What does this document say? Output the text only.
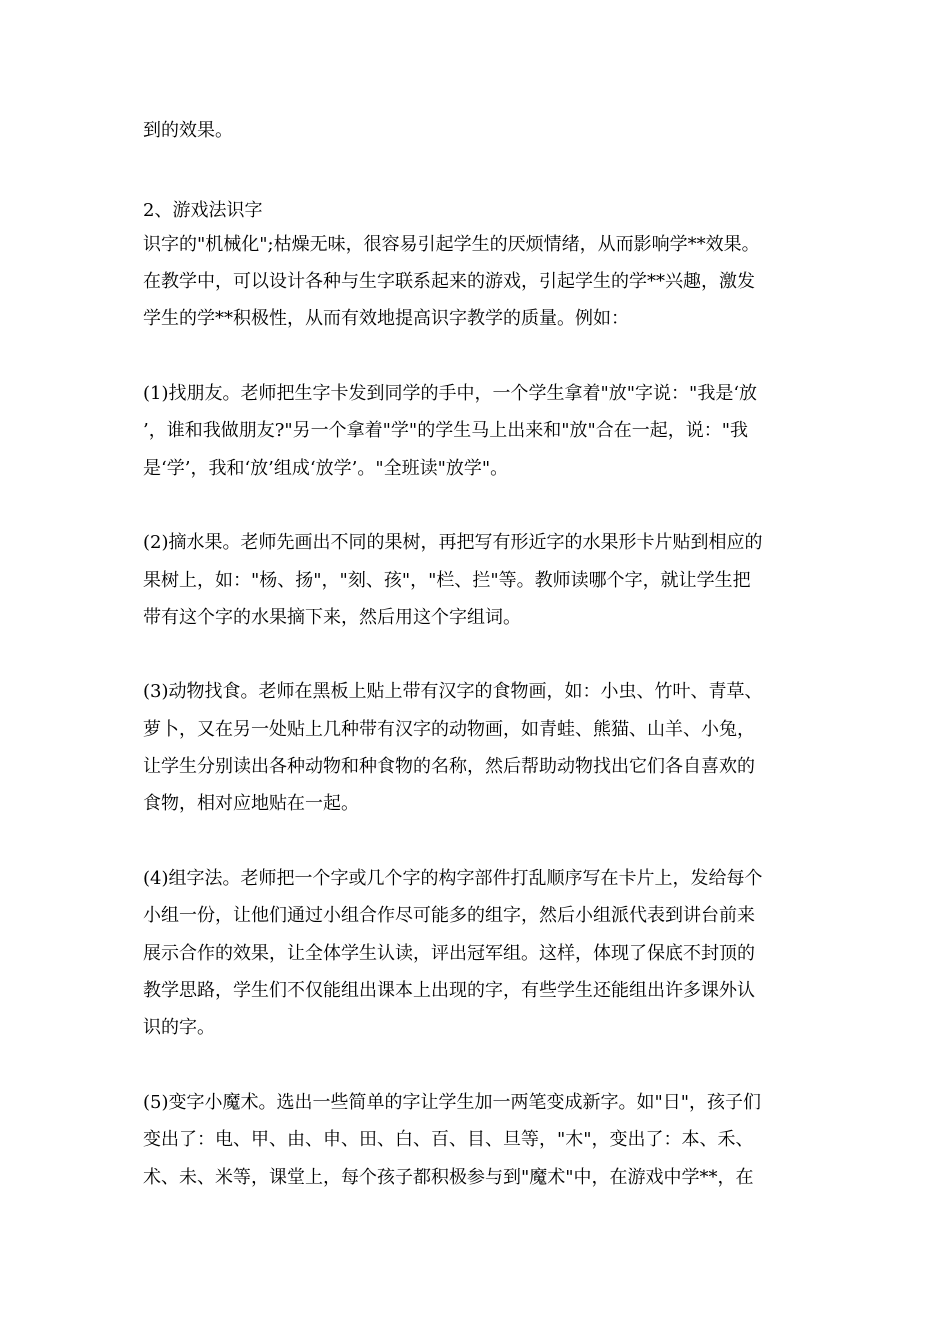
到的效果。

2、游戏法识字

识字的"机械化";枯燥无味，很容易引起学生的厌烦情绪，从而影响学**效果。

在教学中，可以设计各种与生字联系起来的游戏，引起学生的学**兴趣，激发

学生的学**积极性，从而有效地提高识字教学的质量。例如：

(1)找朋友。老师把生字卡发到同学的手中，一个学生拿着"放"字说："我是‘放

’，谁和我做朋友?"另一个拿着"学"的学生马上出来和"放"合在一起，说："我

是‘学’，我和‘放’组成‘放学’。"全班读"放学"。

(2)摘水果。老师先画出不同的果树，再把写有形近字的水果形卡片贴到相应的

果树上，如："杨、扬"，"刻、孩"，"栏、拦"等。教师读哪个字，就让学生把

带有这个字的水果摘下来，然后用这个字组词。

(3)动物找食。老师在黑板上贴上带有汉字的食物画，如：小虫、竹叶、青草、

萝卜，又在另一处贴上几种带有汉字的动物画，如青蛙、熊猫、山羊、小兔，

让学生分别读出各种动物和种食物的名称，然后帮助动物找出它们各自喜欢的

食物，相对应地贴在一起。

(4)组字法。老师把一个字或几个字的构字部件打乱顺序写在卡片上，发给每个

小组一份，让他们通过小组合作尽可能多的组字，然后小组派代表到讲台前来

展示合作的效果，让全体学生认读，评出冠军组。这样，体现了保底不封顶的

教学思路，学生们不仅能组出课本上出现的字，有些学生还能组出许多课外认

识的字。

(5)变字小魔术。选出一些简单的字让学生加一两笔变成新字。如"日"，孩子们

变出了：电、甲、由、申、田、白、百、目、旦等，"木"，变出了：本、禾、

术、未、米等，课堂上，每个孩子都积极参与到"魔术"中，在游戏中学**，在
